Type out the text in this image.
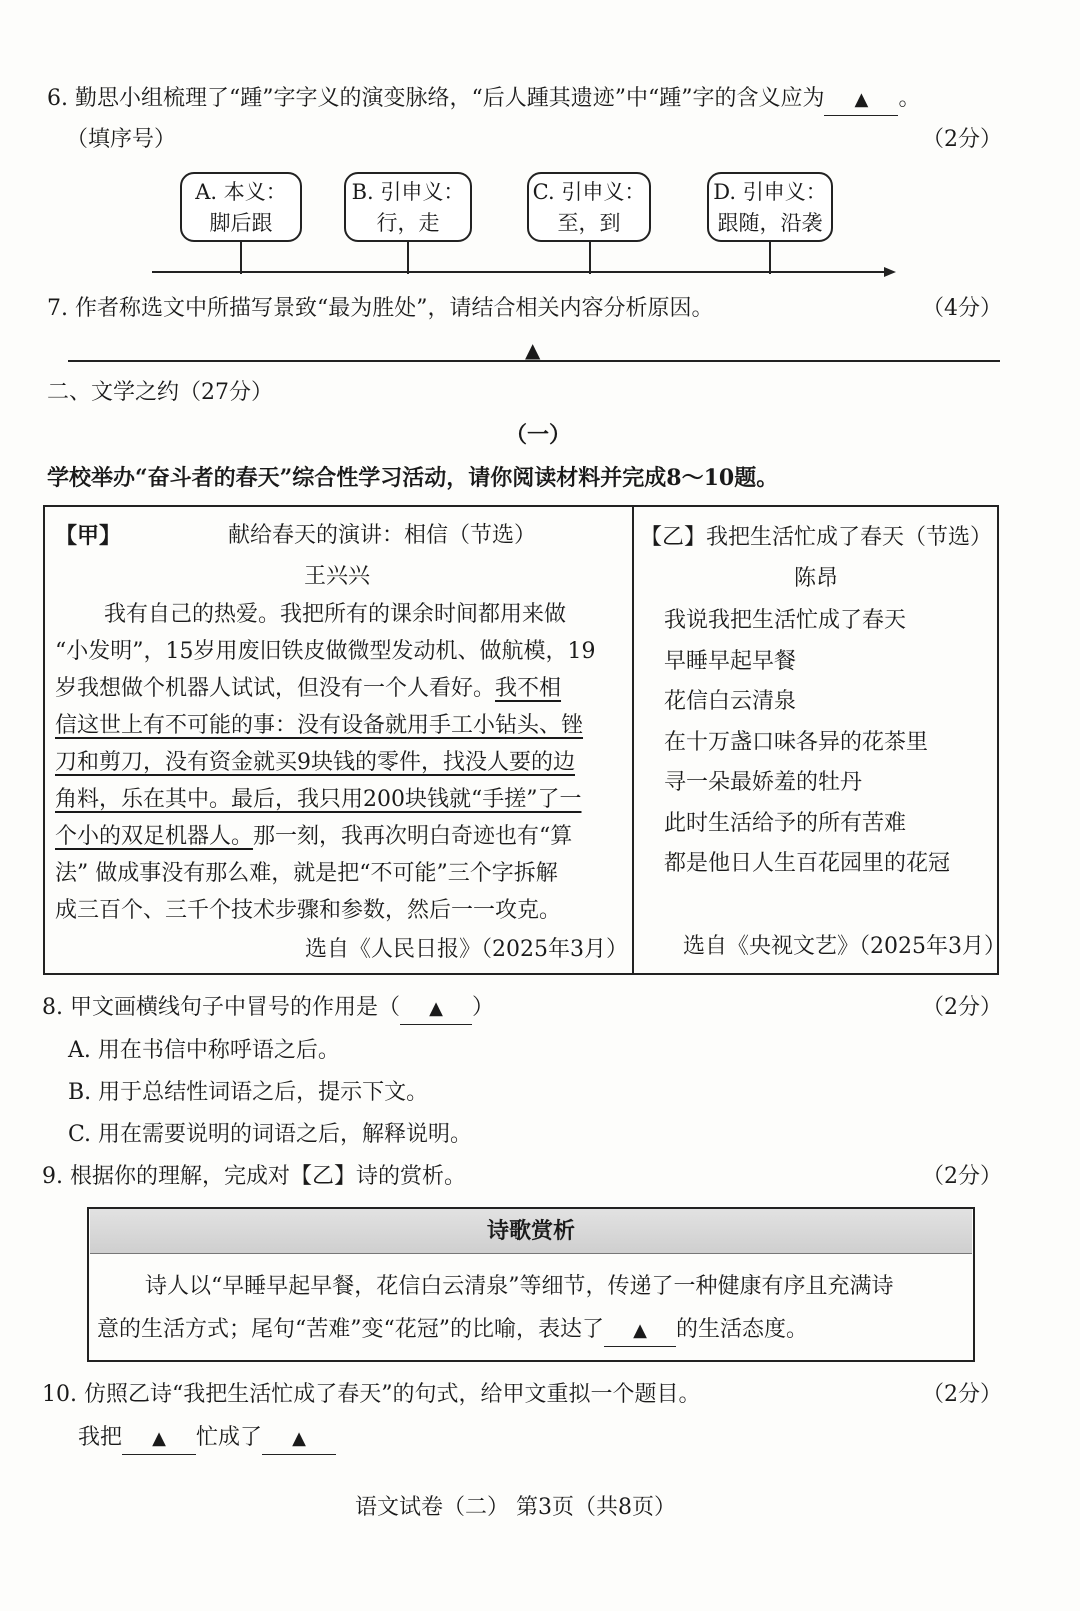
6. 勤思小组梳理了“踵”字字义的演变脉络，“后人踵其遗迹”中“踵”字的含义应为 ▲ 。
（填序号）	（2分）
A. 本义：
脚后跟
B. 引申义：
行，走
C. 引申义：
至，到
D. 引申义：
跟随，沿袭
7. 作者称选文中所描写景致“最为胜处”，请结合相关内容分析原因。	（4分）
▲
二、文学之约（27分）
（一）
学校举办“奋斗者的春天”综合性学习活动，请你阅读材料并完成8～10题。
【甲】	献给春天的演讲：相信（节选）
王兴兴
我有自己的热爱。我把所有的课余时间都用来做
“小发明”，15岁用废旧铁皮做微型发动机、做航模，19
岁我想做个机器人试试，但没有一个人看好。我不相
信这世上有不可能的事：没有设备就用手工小钻头、锉
刀和剪刀，没有资金就买9块钱的零件，找没人要的边
角料，乐在其中。最后，我只用200块钱就“手搓”了一
个小的双足机器人。那一刻，我再次明白奇迹也有“算
法” 做成事没有那么难，就是把“不可能”三个字拆解
成三百个、三千个技术步骤和参数，然后一一攻克。
选自《人民日报》（2025年3月）
【乙】我把生活忙成了春天（节选）
陈昂
我说我把生活忙成了春天
早睡早起早餐
花信白云清泉
在十万盏口味各异的花茶里
寻一朵最娇羞的牡丹
此时生活给予的所有苦难
都是他日人生百花园里的花冠
选自《央视文艺》（2025年3月）
8. 甲文画横线句子中冒号的作用是（ ▲ ）	（2分）
A. 用在书信中称呼语之后。
B. 用于总结性词语之后，提示下文。
C. 用在需要说明的词语之后，解释说明。
9. 根据你的理解，完成对【乙】诗的赏析。	（2分）
诗歌赏析
诗人以“早睡早起早餐，花信白云清泉”等细节，传递了一种健康有序且充满诗
意的生活方式；尾句“苦难”变“花冠”的比喻，表达了 ▲ 的生活态度。
10. 仿照乙诗“我把生活忙成了春天”的句式，给甲文重拟一个题目。	（2分）
我把 ▲ 忙成了 ▲
语文试卷（二） 第3页（共8页）
